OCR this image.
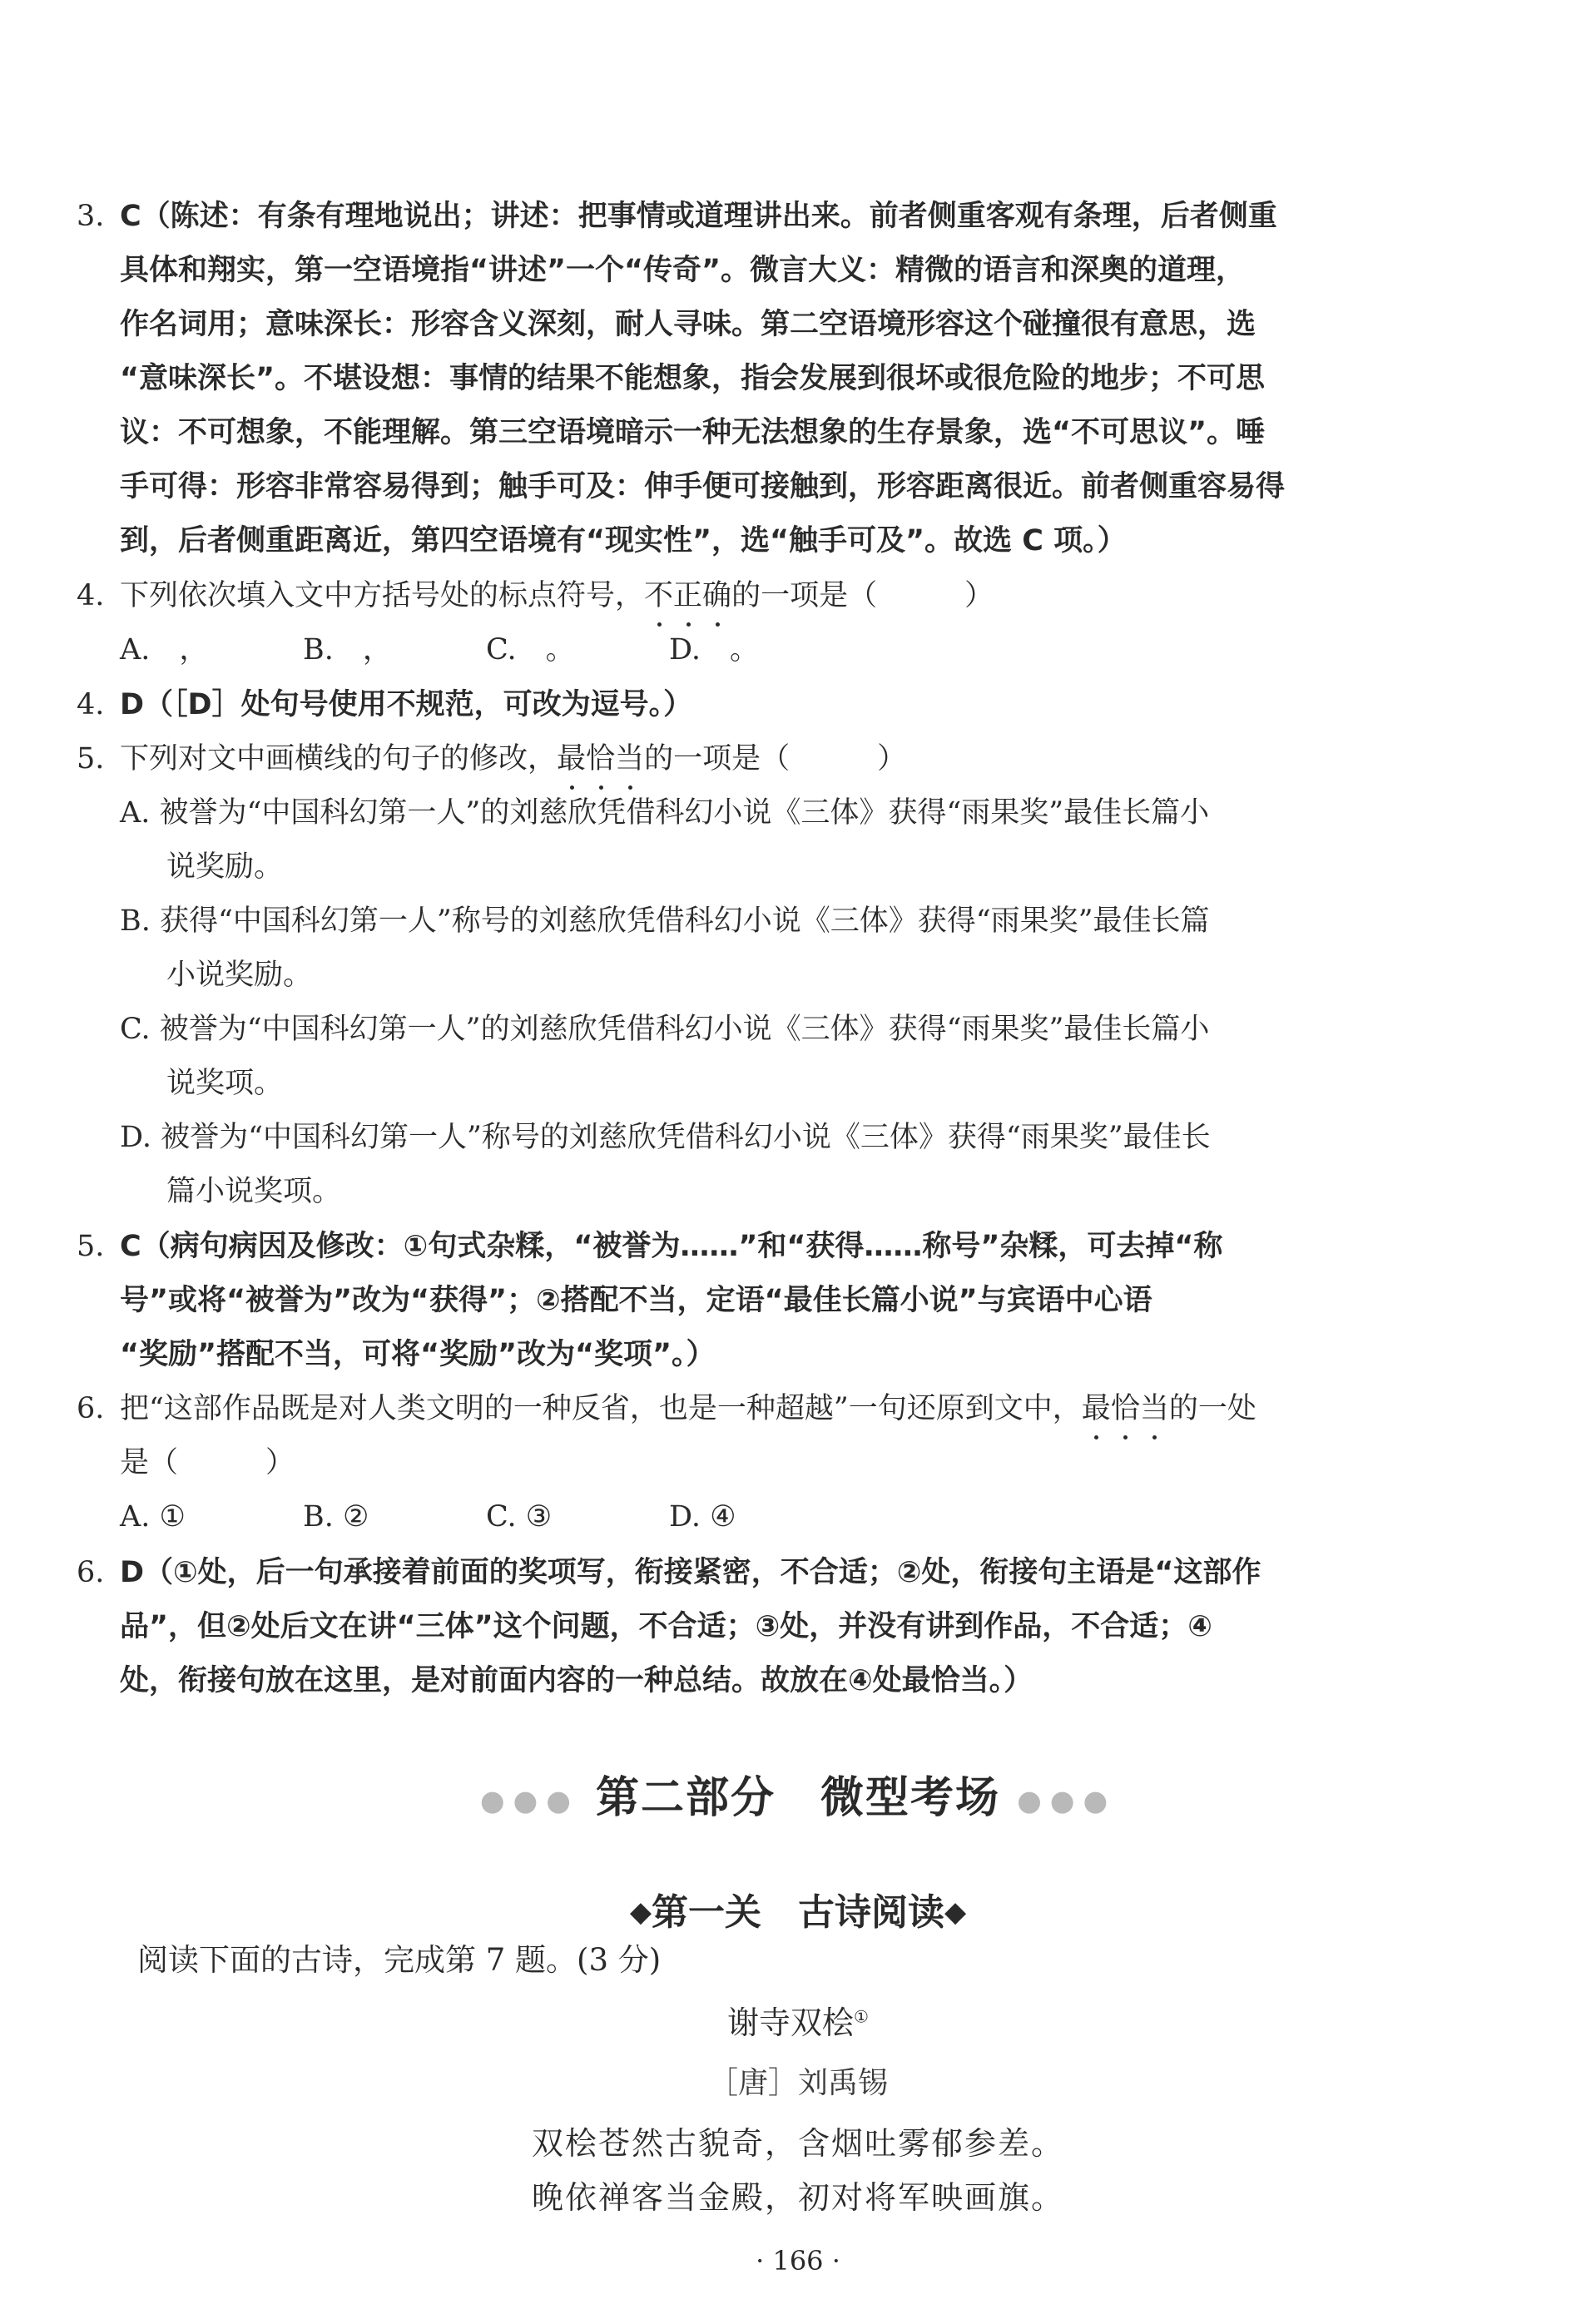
3. C（陈述：有条有理地说出；讲述：把事情或道理讲出来。前者侧重客观有条理，后者侧重
具体和翔实，第一空语境指“讲述”一个“传奇”。微言大义：精微的语言和深奥的道理，
作名词用；意味深长：形容含义深刻，耐人寻味。第二空语境形容这个碰撞很有意思，选
“意味深长”。不堪设想：事情的结果不能想象，指会发展到很坏或很危险的地步；不可思
议：不可想象，不能理解。第三空语境暗示一种无法想象的生存景象，选“不可思议”。唾
手可得：形容非常容易得到；触手可及：伸手便可接触到，形容距离很近。前者侧重容易得
到，后者侧重距离近，第四空语境有“现实性”，选“触手可及”。故选 C 项。）
4. 下列依次填入文中方括号处的标点符号，不正确的一项是（　　　）
A.　，	B.　，	C.　。	D.　。
4. D（［D］处句号使用不规范，可改为逗号。）
5. 下列对文中画横线的句子的修改，最恰当的一项是（　　　）
A. 被誉为“中国科幻第一人”的刘慈欣凭借科幻小说《三体》获得“雨果奖”最佳长篇小
说奖励。
B. 获得“中国科幻第一人”称号的刘慈欣凭借科幻小说《三体》获得“雨果奖”最佳长篇
小说奖励。
C. 被誉为“中国科幻第一人”的刘慈欣凭借科幻小说《三体》获得“雨果奖”最佳长篇小
说奖项。
D. 被誉为“中国科幻第一人”称号的刘慈欣凭借科幻小说《三体》获得“雨果奖”最佳长
篇小说奖项。
5. C（病句病因及修改：①句式杂糅，“被誉为……”和“获得……称号”杂糅，可去掉“称
号”或将“被誉为”改为“获得”；②搭配不当，定语“最佳长篇小说”与宾语中心语
“奖励”搭配不当，可将“奖励”改为“奖项”。）
6. 把“这部作品既是对人类文明的一种反省，也是一种超越”一句还原到文中，最恰当的一处
是（　　　）
A. ①	B. ②	C. ③	D. ④
6. D（①处，后一句承接着前面的奖项写，衔接紧密，不合适；②处，衔接句主语是“这部作
品”，但②处后文在讲“三体”这个问题，不合适；③处，并没有讲到作品，不合适；④
处，衔接句放在这里，是对前面内容的一种总结。故放在④处最恰当。）
●●● 第二部分　微型考场 ●●●
◆第一关　古诗阅读◆
阅读下面的古诗，完成第 7 题。(3 分)
谢寺双桧①
［唐］刘禹锡
双桧苍然古貌奇，含烟吐雾郁参差。
晚依禅客当金殿，初对将军映画旗。
· 166 ·
